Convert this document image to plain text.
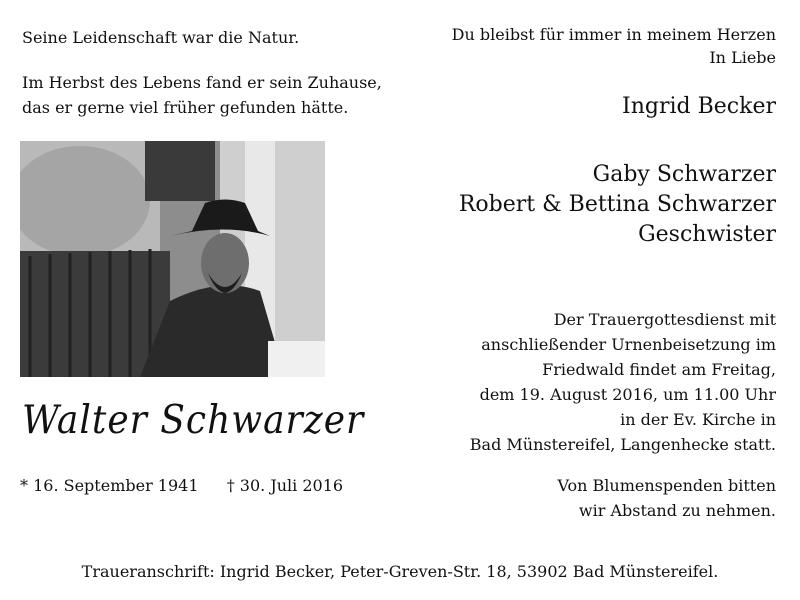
Seine Leidenschaft war die Natur.
Im Herbst des Lebens fand er sein Zuhause,
das er gerne viel früher gefunden hätte.
Walter Schwarzer
* 16. September 1941 † 30. Juli 2016
Du bleibst für immer in meinem Herzen
In Liebe
Ingrid Becker
Gaby Schwarzer
Robert & Bettina Schwarzer
Geschwister
Der Trauergottesdienst mit
anschließender Urnenbeisetzung im
Friedwald findet am Freitag,
dem 19. August 2016, um 11.00 Uhr
in der Ev. Kirche in
Bad Münstereifel, Langenhecke statt.
Von Blumenspenden bitten
wir Abstand zu nehmen.
Traueranschrift: Ingrid Becker, Peter-Greven-Str. 18, 53902 Bad Münstereifel.
